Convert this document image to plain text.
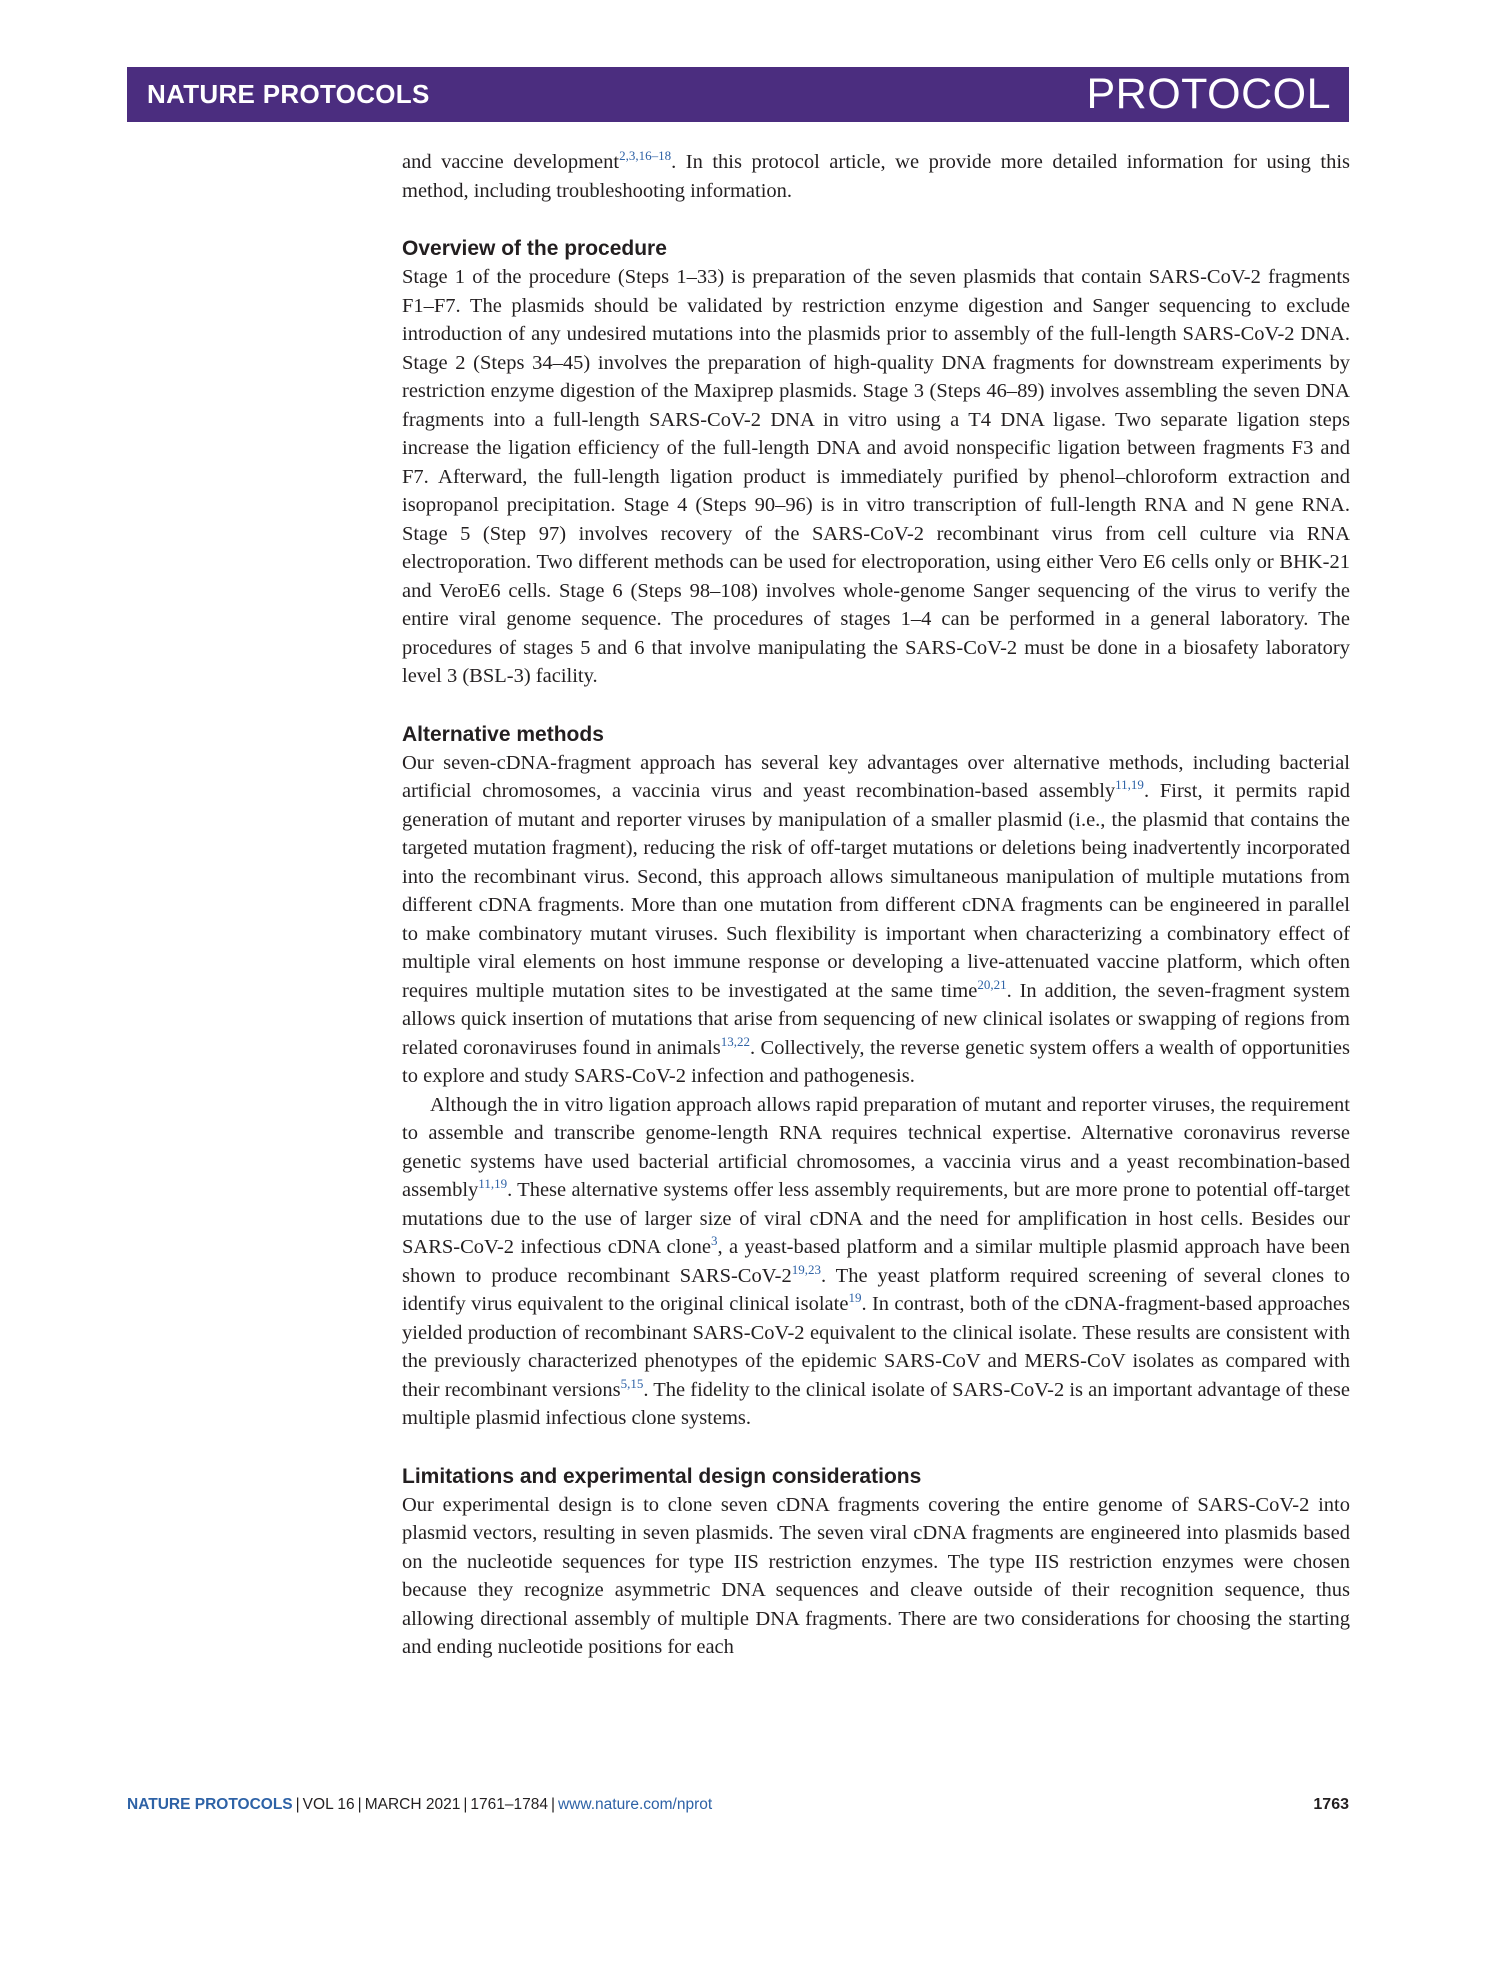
NATURE PROTOCOLS	PROTOCOL

and vaccine development$^{2,3,16-18}$. In this protocol article, we provide more detailed information for using this method, including troubleshooting information.

Overview of the procedure

Stage 1 of the procedure (Steps 1–33) is preparation of the seven plasmids that contain SARS-CoV-2 fragments F1–F7. The plasmids should be validated by restriction enzyme digestion and Sanger sequencing to exclude introduction of any undesired mutations into the plasmids prior to assembly of the full-length SARS-CoV-2 DNA. Stage 2 (Steps 34–45) involves the preparation of high-quality DNA fragments for downstream experiments by restriction enzyme digestion of the Maxiprep plasmids. Stage 3 (Steps 46–89) involves assembling the seven DNA fragments into a full-length SARS-CoV-2 DNA in vitro using a T4 DNA ligase. Two separate ligation steps increase the ligation efficiency of the full-length DNA and avoid nonspecific ligation between fragments F3 and F7. Afterward, the full-length ligation product is immediately purified by phenol–chloroform extraction and isopropanol precipitation. Stage 4 (Steps 90–96) is in vitro transcription of full-length RNA and N gene RNA. Stage 5 (Step 97) involves recovery of the SARS-CoV-2 recombinant virus from cell culture via RNA electroporation. Two different methods can be used for electroporation, using either Vero E6 cells only or BHK-21 and VeroE6 cells. Stage 6 (Steps 98–108) involves whole-genome Sanger sequencing of the virus to verify the entire viral genome sequence. The procedures of stages 1–4 can be performed in a general laboratory. The procedures of stages 5 and 6 that involve manipulating the SARS-CoV-2 must be done in a biosafety laboratory level 3 (BSL-3) facility.

Alternative methods

Our seven-cDNA-fragment approach has several key advantages over alternative methods, including bacterial artificial chromosomes, a vaccinia virus and yeast recombination-based assembly$^{11,19}$. First, it permits rapid generation of mutant and reporter viruses by manipulation of a smaller plasmid (i.e., the plasmid that contains the targeted mutation fragment), reducing the risk of off-target mutations or deletions being inadvertently incorporated into the recombinant virus. Second, this approach allows simultaneous manipulation of multiple mutations from different cDNA fragments. More than one mutation from different cDNA fragments can be engineered in parallel to make combinatory mutant viruses. Such flexibility is important when characterizing a combinatory effect of multiple viral elements on host immune response or developing a live-attenuated vaccine platform, which often requires multiple mutation sites to be investigated at the same time$^{20,21}$. In addition, the seven-fragment system allows quick insertion of mutations that arise from sequencing of new clinical isolates or swapping of regions from related coronaviruses found in animals$^{13,22}$. Collectively, the reverse genetic system offers a wealth of opportunities to explore and study SARS-CoV-2 infection and pathogenesis.

Although the in vitro ligation approach allows rapid preparation of mutant and reporter viruses, the requirement to assemble and transcribe genome-length RNA requires technical expertise. Alternative coronavirus reverse genetic systems have used bacterial artificial chromosomes, a vaccinia virus and a yeast recombination-based assembly$^{11,19}$. These alternative systems offer less assembly requirements, but are more prone to potential off-target mutations due to the use of larger size of viral cDNA and the need for amplification in host cells. Besides our SARS-CoV-2 infectious cDNA clone$^3$, a yeast-based platform and a similar multiple plasmid approach have been shown to produce recombinant SARS-CoV-2$^{19,23}$. The yeast platform required screening of several clones to identify virus equivalent to the original clinical isolate$^{19}$. In contrast, both of the cDNA-fragment-based approaches yielded production of recombinant SARS-CoV-2 equivalent to the clinical isolate. These results are consistent with the previously characterized phenotypes of the epidemic SARS-CoV and MERS-CoV isolates as compared with their recombinant versions$^{5,15}$. The fidelity to the clinical isolate of SARS-CoV-2 is an important advantage of these multiple plasmid infectious clone systems.

Limitations and experimental design considerations

Our experimental design is to clone seven cDNA fragments covering the entire genome of SARS-CoV-2 into plasmid vectors, resulting in seven plasmids. The seven viral cDNA fragments are engineered into plasmids based on the nucleotide sequences for type IIS restriction enzymes. The type IIS restriction enzymes were chosen because they recognize asymmetric DNA sequences and cleave outside of their recognition sequence, thus allowing directional assembly of multiple DNA fragments. There are two considerations for choosing the starting and ending nucleotide positions for each

NATURE PROTOCOLS | VOL 16 | MARCH 2021 | 1761–1784 | www.nature.com/nprot	1763
